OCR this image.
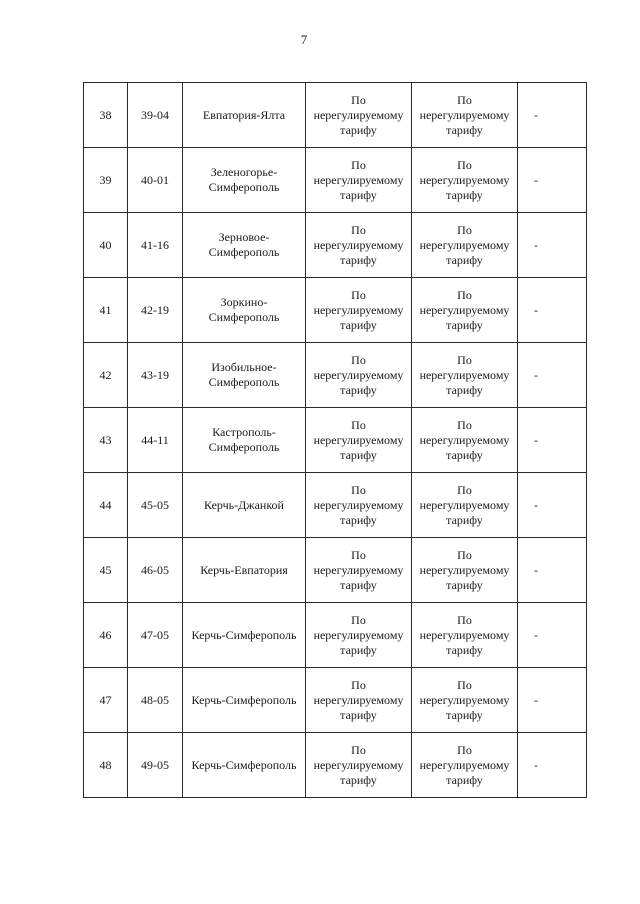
7
38	39-04	Евпатория-Ялта	По
нерегулируемому
тарифу	По
нерегулируемому
тарифу	-
39	40-01	Зеленогорье-
Симферополь	По
нерегулируемому
тарифу	По
нерегулируемому
тарифу	-
40	41-16	Зерновое-
Симферополь	По
нерегулируемому
тарифу	По
нерегулируемому
тарифу	-
41	42-19	Зоркино-
Симферополь	По
нерегулируемому
тарифу	По
нерегулируемому
тарифу	-
42	43-19	Изобильное-
Симферополь	По
нерегулируемому
тарифу	По
нерегулируемому
тарифу	-
43	44-11	Кастрополь-
Симферополь	По
нерегулируемому
тарифу	По
нерегулируемому
тарифу	-
44	45-05	Керчь-Джанкой	По
нерегулируемому
тарифу	По
нерегулируемому
тарифу	-
45	46-05	Керчь-Евпатория	По
нерегулируемому
тарифу	По
нерегулируемому
тарифу	-
46	47-05	Керчь-Симферополь	По
нерегулируемому
тарифу	По
нерегулируемому
тарифу	-
47	48-05	Керчь-Симферополь	По
нерегулируемому
тарифу	По
нерегулируемому
тарифу	-
48	49-05	Керчь-Симферополь	По
нерегулируемому
тарифу	По
нерегулируемому
тарифу	-
